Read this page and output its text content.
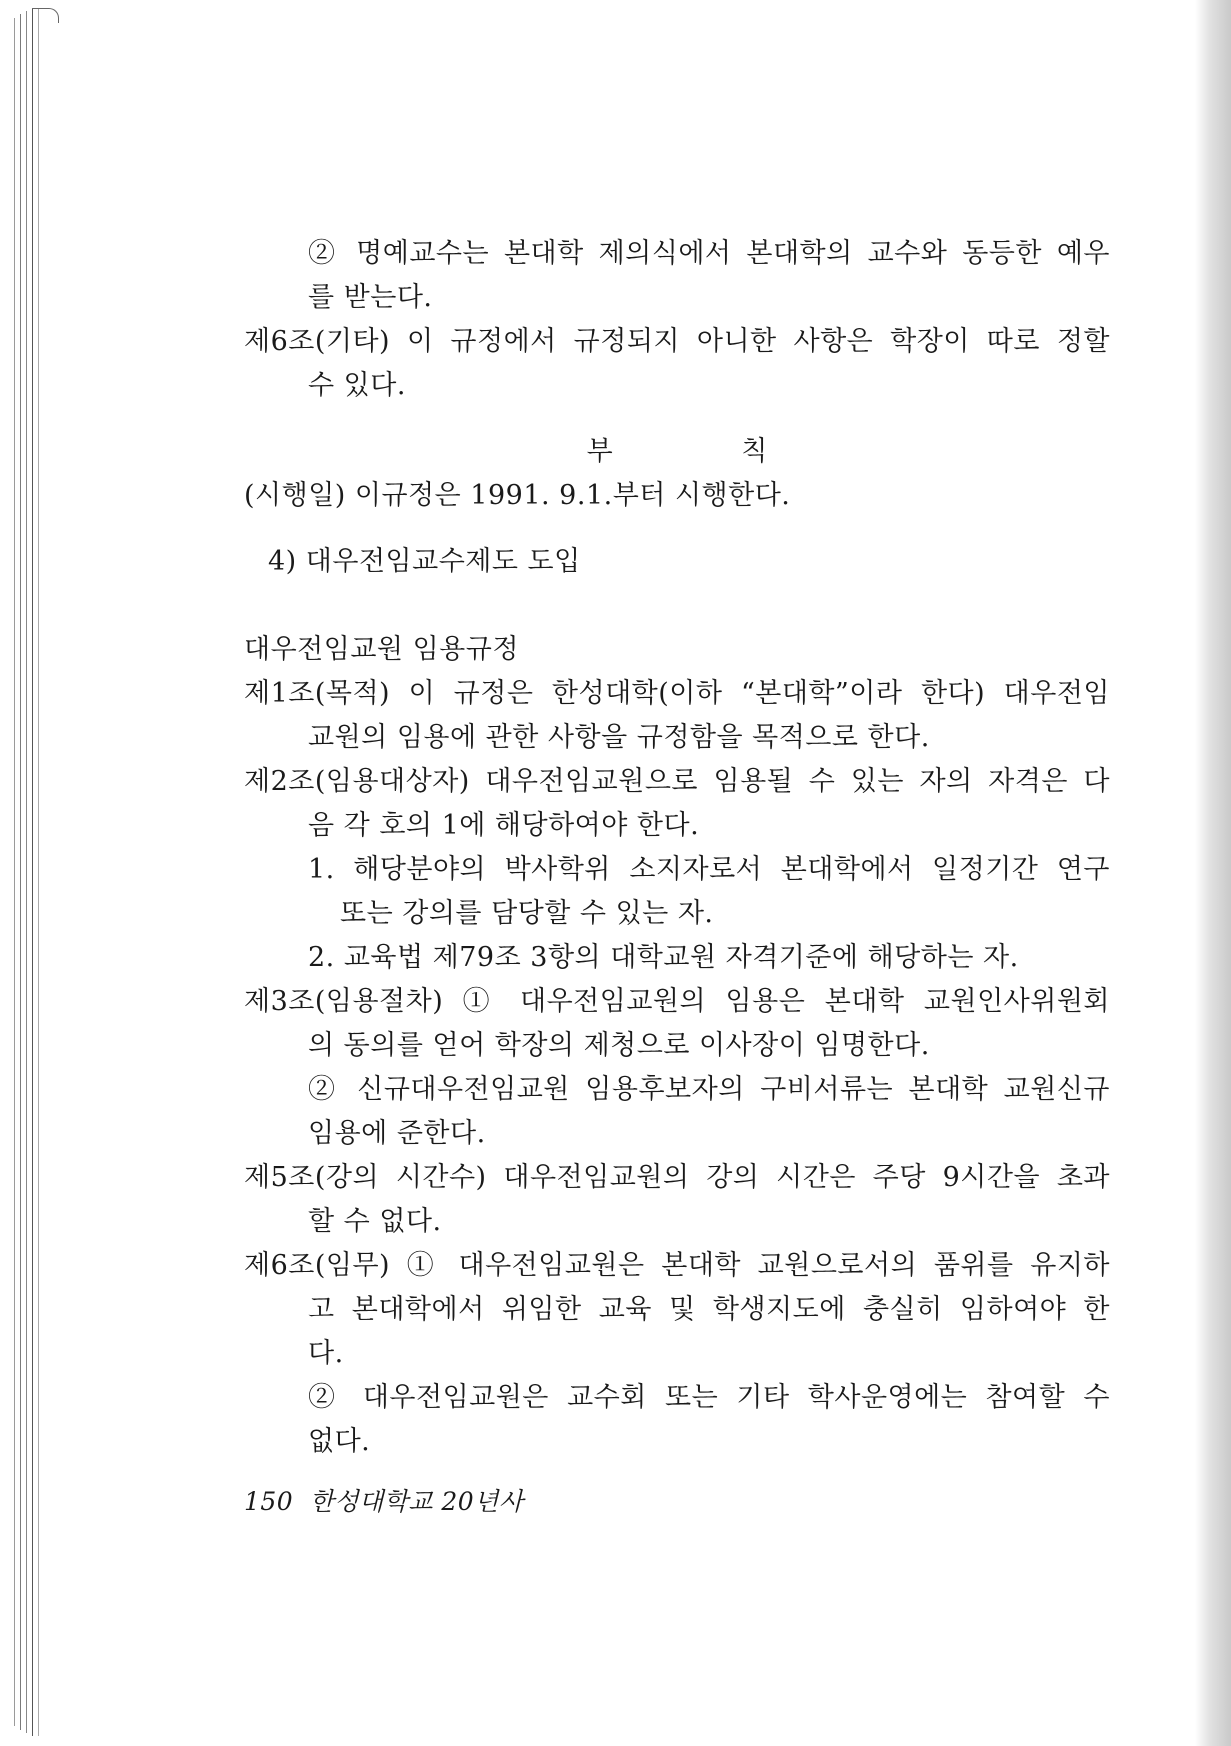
② 명예교수는 본대학 제의식에서 본대학의 교수와 동등한 예우
를 받는다.
제6조(기타) 이 규정에서 규정되지 아니한 사항은 학장이 따로 정할
수 있다.
부 칙
(시행일) 이규정은 1991. 9.1.부터 시행한다.
4) 대우전임교수제도 도입
대우전임교원 임용규정
제1조(목적) 이 규정은 한성대학(이하 “본대학”이라 한다) 대우전임
교원의 임용에 관한 사항을 규정함을 목적으로 한다.
제2조(임용대상자) 대우전임교원으로 임용될 수 있는 자의 자격은 다
음 각 호의 1에 해당하여야 한다.
1. 해당분야의 박사학위 소지자로서 본대학에서 일정기간 연구
또는 강의를 담당할 수 있는 자.
2. 교육법 제79조 3항의 대학교원 자격기준에 해당하는 자.
제3조(임용절차) ① 대우전임교원의 임용은 본대학 교원인사위원회
의 동의를 얻어 학장의 제청으로 이사장이 임명한다.
② 신규대우전임교원 임용후보자의 구비서류는 본대학 교원신규
임용에 준한다.
제5조(강의 시간수) 대우전임교원의 강의 시간은 주당 9시간을 초과
할 수 없다.
제6조(임무) ① 대우전임교원은 본대학 교원으로서의 품위를 유지하
고 본대학에서 위임한 교육 및 학생지도에 충실히 임하여야 한
다.
② 대우전임교원은 교수회 또는 기타 학사운영에는 참여할 수
없다.
150 한성대학교 20년사
